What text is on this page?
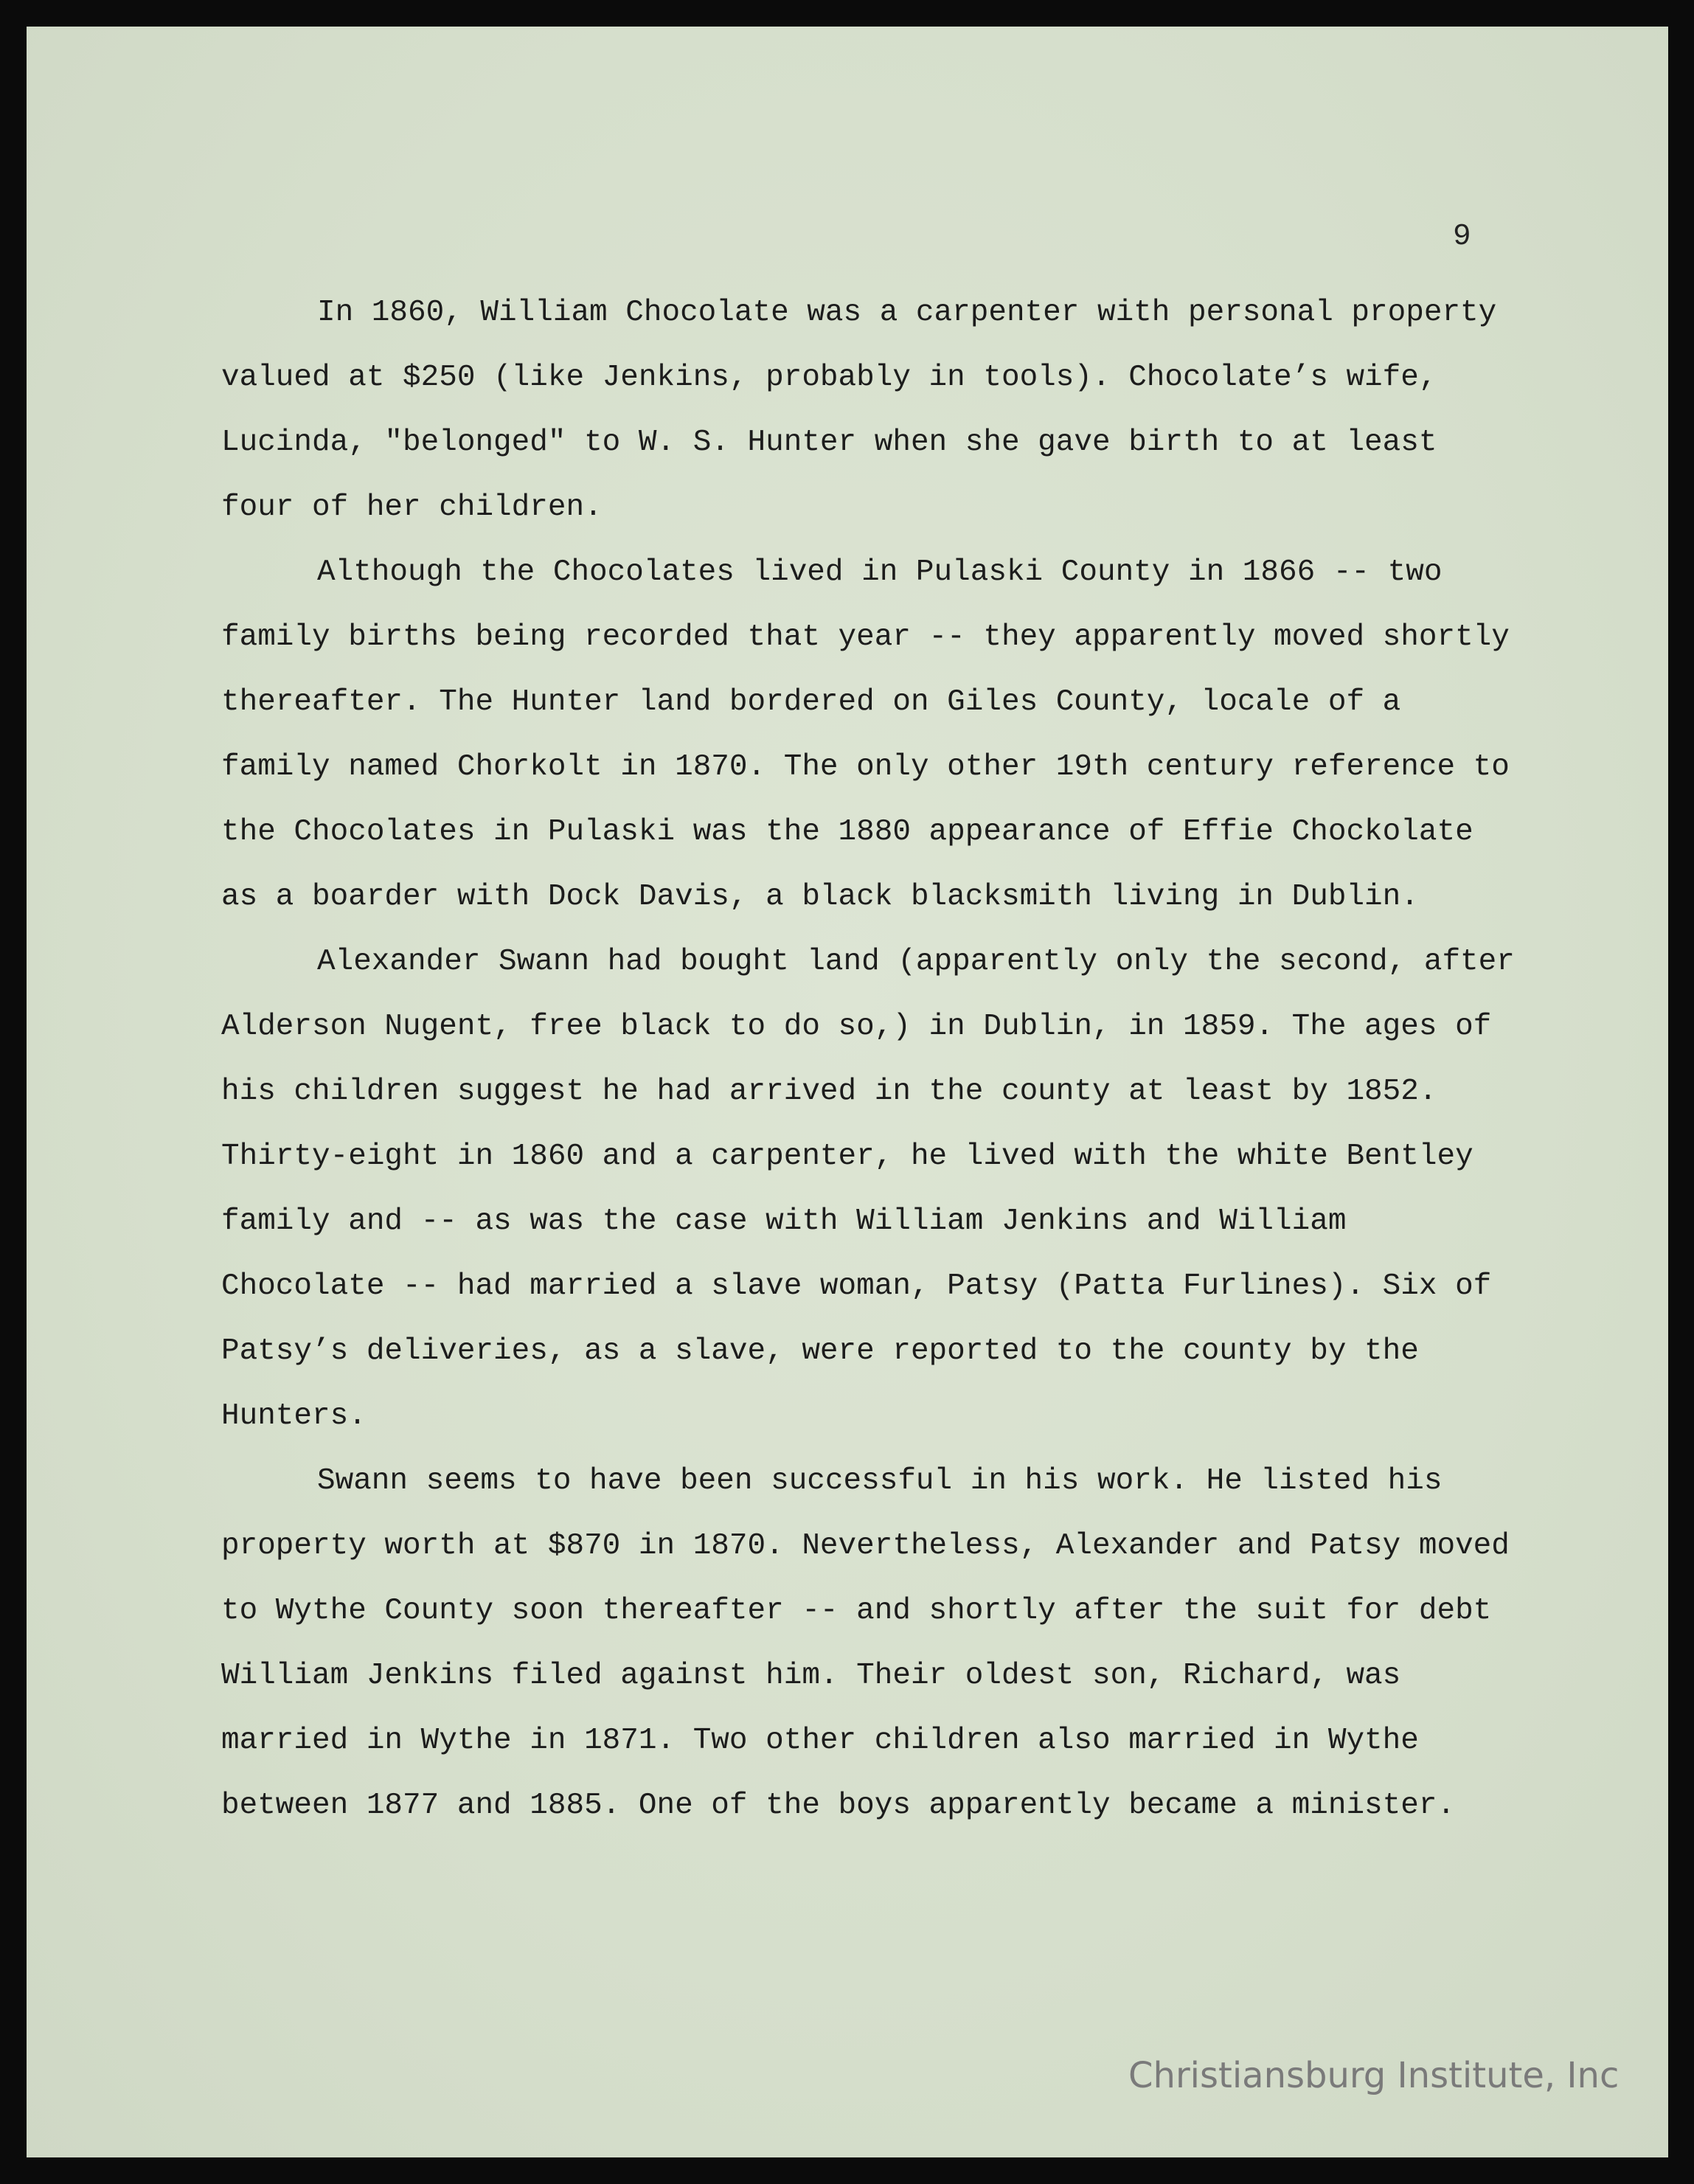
9

In 1860, William Chocolate was a carpenter with personal property valued at $250 (like Jenkins, probably in tools). Chocolate’s wife, Lucinda, "belonged" to W. S. Hunter when she gave birth to at least four of her children.

Although the Chocolates lived in Pulaski County in 1866 -- two family births being recorded that year -- they apparently moved shortly thereafter. The Hunter land bordered on Giles County, locale of a family named Chorkolt in 1870. The only other 19th century reference to the Chocolates in Pulaski was the 1880 appearance of Effie Chockolate as a boarder with Dock Davis, a black blacksmith living in Dublin.

Alexander Swann had bought land (apparently only the second, after Alderson Nugent, free black to do so,) in Dublin, in 1859. The ages of his children suggest he had arrived in the county at least by 1852. Thirty-eight in 1860 and a carpenter, he lived with the white Bentley family and -- as was the case with William Jenkins and William Chocolate -- had married a slave woman, Patsy (Patta Furlines). Six of Patsy’s deliveries, as a slave, were reported to the county by the Hunters.

Swann seems to have been successful in his work. He listed his property worth at $870 in 1870. Nevertheless, Alexander and Patsy moved to Wythe County soon thereafter -- and shortly after the suit for debt William Jenkins filed against him. Their oldest son, Richard, was married in Wythe in 1871. Two other children also married in Wythe between 1877 and 1885. One of the boys apparently became a minister.

Christiansburg Institute, Inc
